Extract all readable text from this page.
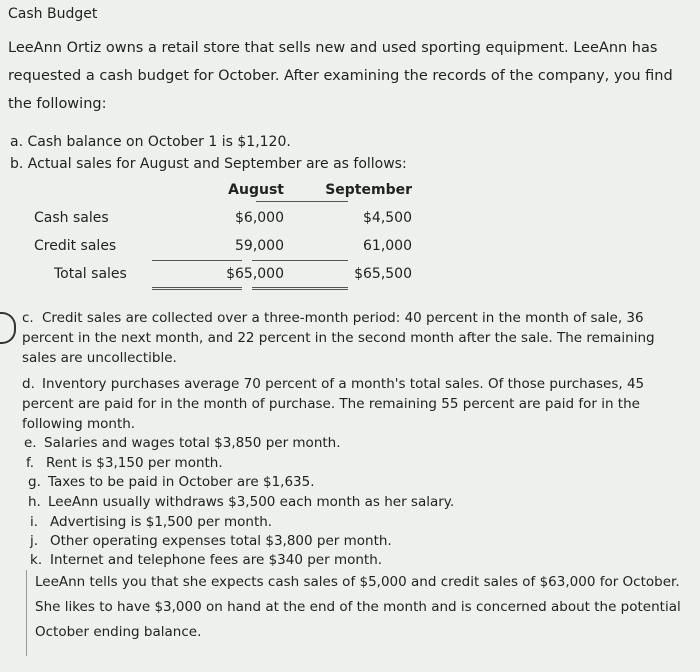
Cash Budget
LeeAnn Ortiz owns a retail store that sells new and used sporting equipment. LeeAnn has requested a cash budget for October. After examining the records of the company, you find the following:
a. Cash balance on October 1 is $1,120.
b. Actual sales for August and September are as follows:
	August	September
Cash sales	$6,000	$4,500
Credit sales	59,000	61,000
Total sales	$65,000	$65,500
c. Credit sales are collected over a three-month period: 40 percent in the month of sale, 36 percent in the next month, and 22 percent in the second month after the sale. The remaining sales are uncollectible.
d. Inventory purchases average 70 percent of a month's total sales. Of those purchases, 45 percent are paid for in the month of purchase. The remaining 55 percent are paid for in the following month.
e. Salaries and wages total $3,850 per month.
f. Rent is $3,150 per month.
g. Taxes to be paid in October are $1,635.
h. LeeAnn usually withdraws $3,500 each month as her salary.
i. Advertising is $1,500 per month.
j. Other operating expenses total $3,800 per month.
k. Internet and telephone fees are $340 per month.
LeeAnn tells you that she expects cash sales of $5,000 and credit sales of $63,000 for October. She likes to have $3,000 on hand at the end of the month and is concerned about the potential October ending balance.
